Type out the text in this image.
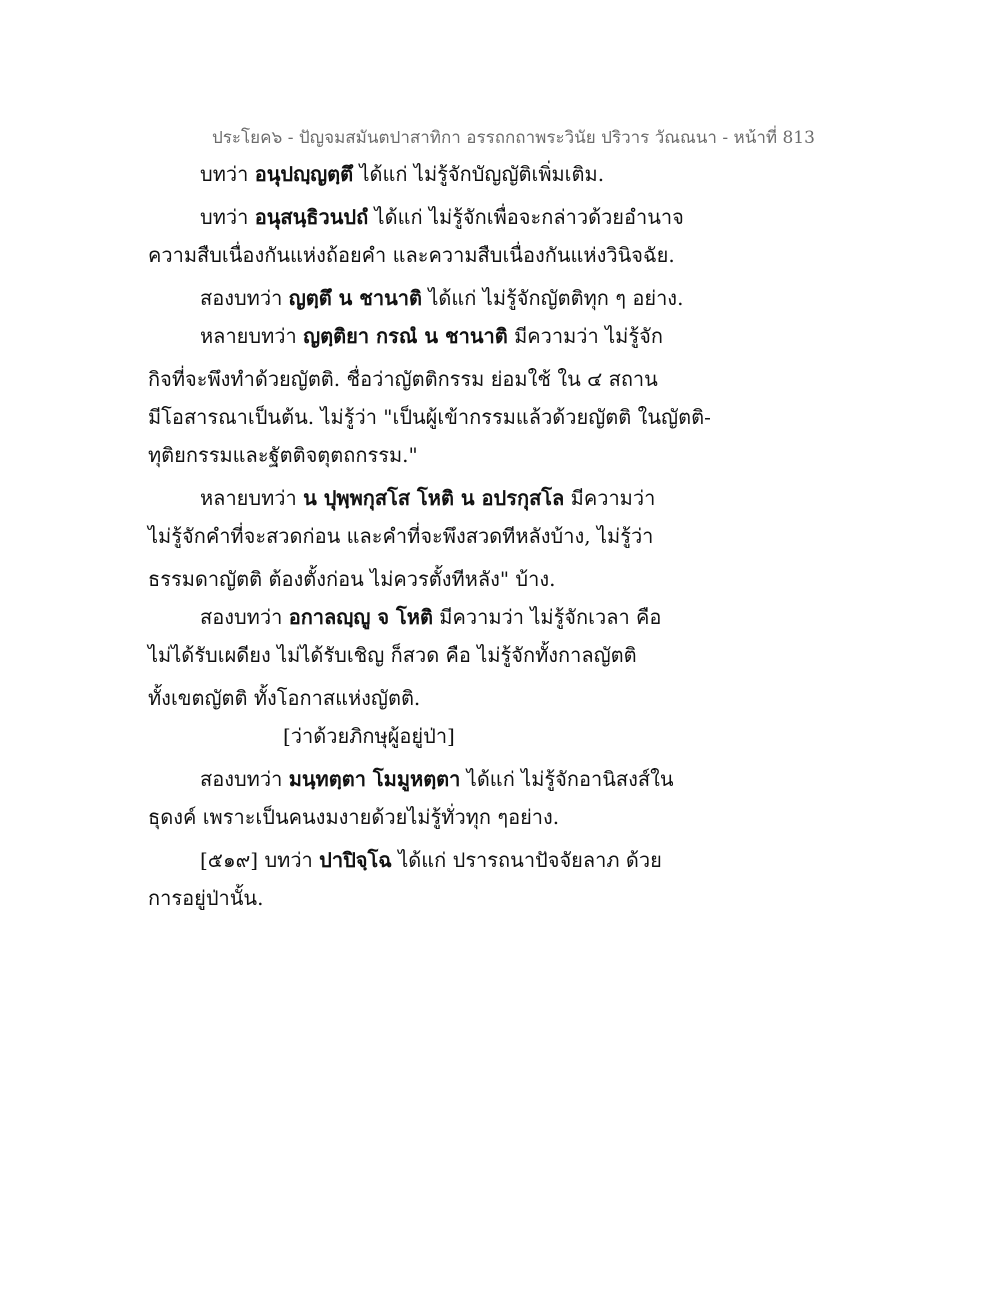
ประโยค๖ - ปัญจมสมันตปาสาทิกา อรรถกถาพระวินัย ปริวาร วัณณนา - หน้าที่ 813
บทว่า อนุปญฺญตฺตึ ได้แก่ ไม่รู้จักบัญญัติเพิ่มเติม.
บทว่า อนุสนฺธิวนปถํ ได้แก่ ไม่รู้จักเพื่อจะกล่าวด้วยอำนาจ
ความสืบเนื่องกันแห่งถ้อยคำ และความสืบเนื่องกันแห่งวินิจฉัย.
สองบทว่า ญตฺตึ น ชานาติ ได้แก่ ไม่รู้จักญัตติทุก ๆ อย่าง.
หลายบทว่า ญตฺติยา กรณํ น ชานาติ มีความว่า ไม่รู้จัก
กิจที่จะพึงทำด้วยญัตติ. ชื่อว่าญัตติกรรม ย่อมใช้ ใน ๔ สถาน
มีโอสารณาเป็นต้น. ไม่รู้ว่า "เป็นผู้เข้ากรรมแล้วด้วยญัตติ ในญัตติ-
ทุติยกรรมและฐัตติจตุตถกรรม."
หลายบทว่า น ปุพฺพกุสโส โหติ น อปรกุสโล มีความว่า
ไม่รู้จักคำที่จะสวดก่อน และคำที่จะพึงสวดทีหลังบ้าง, ไม่รู้ว่า
ธรรมดาญัตติ ต้องตั้งก่อน ไม่ควรตั้งทีหลัง" บ้าง.
สองบทว่า อกาลญฺญู จ โหติ มีความว่า ไม่รู้จักเวลา คือ
ไม่ได้รับเผดียง ไม่ได้รับเชิญ ก็สวด คือ ไม่รู้จักทั้งกาลญัตติ
ทั้งเขตญัตติ ทั้งโอกาสแห่งญัตติ.
[ว่าด้วยภิกษุผู้อยู่ป่า]
สองบทว่า มนฺทตฺตา โมมูหตฺตา ได้แก่ ไม่รู้จักอานิสงส์ใน
ธุดงค์ เพราะเป็นคนงมงายด้วยไม่รู้ทั่วทุก ๆอย่าง.
[๕๑๙] บทว่า ปาปิจฺโฉ ได้แก่ ปรารถนาปัจจัยลาภ ด้วย
การอยู่ป่านั้น.
